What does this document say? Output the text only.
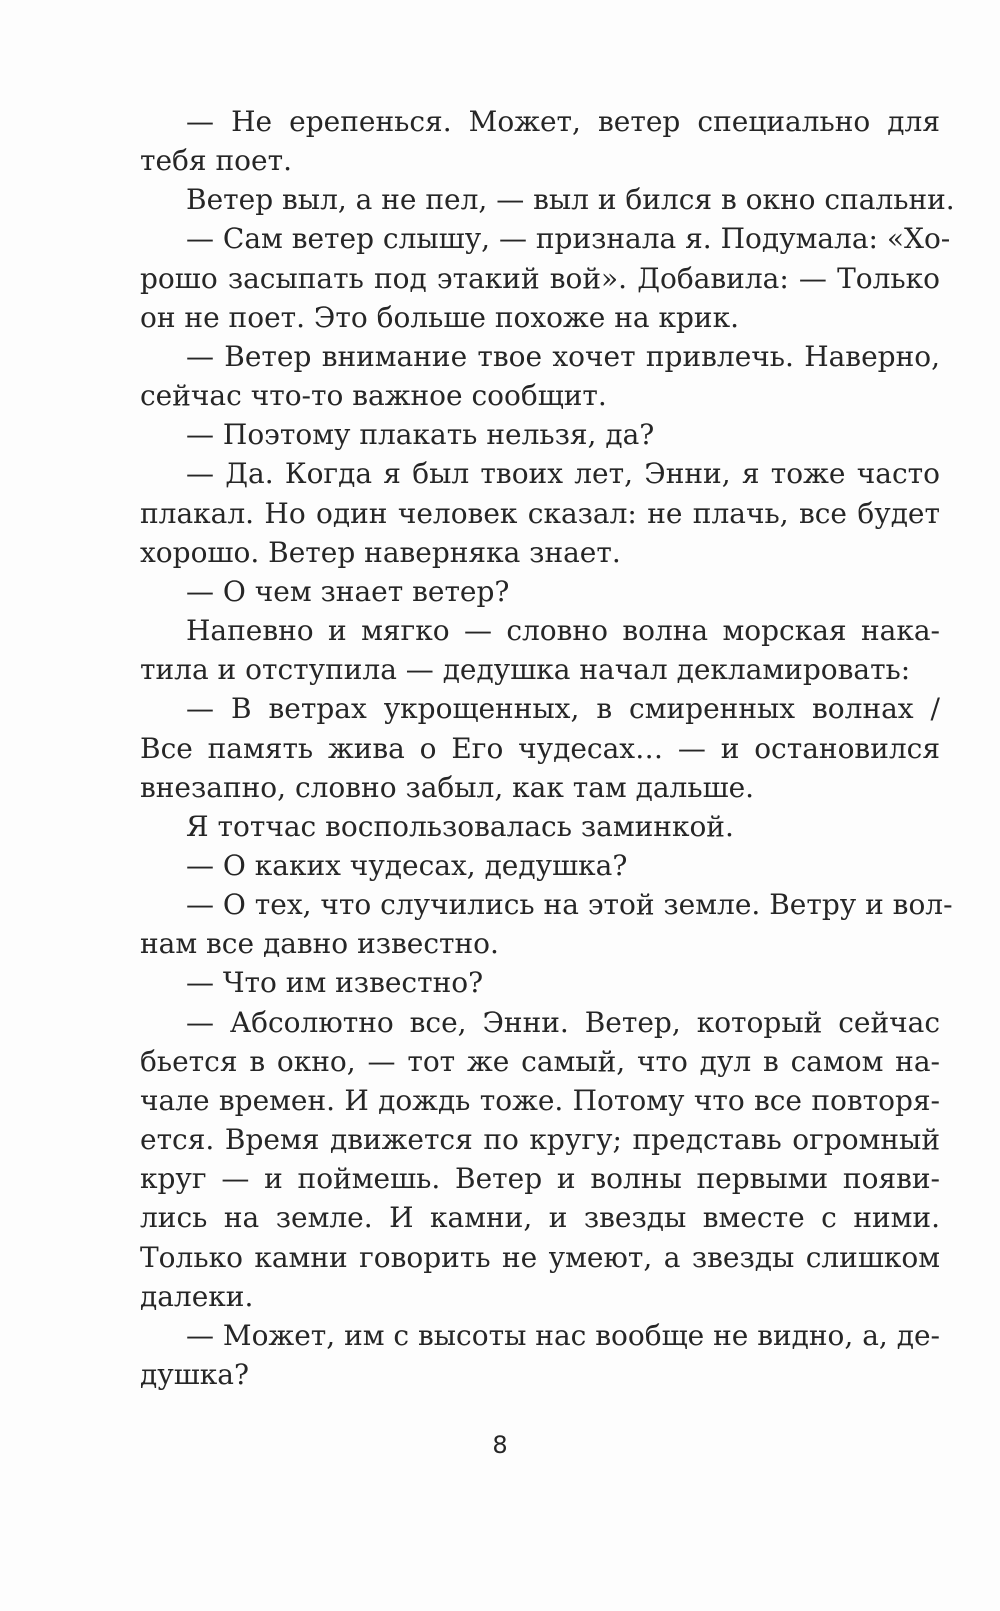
— Не ерепенься. Может, ветер специально для
тебя поет.

Ветер выл, а не пел, — выл и бился в окно спальни.

— Сам ветер слышу, — признала я. Подумала: «Хо-
рошо засыпать под этакий вой». Добавила: — Только
он не поет. Это больше похоже на крик.

— Ветер внимание твое хочет привлечь. Наверно,
сейчас что-то важное сообщит.

— Поэтому плакать нельзя, да?

— Да. Когда я был твоих лет, Энни, я тоже часто
плакал. Но один человек сказал: не плачь, все будет
хорошо. Ветер наверняка знает.

— О чем знает ветер?

Напевно и мягко — словно волна морская нака-
тила и отступила — дедушка начал декламировать:

— В ветрах укрощенных, в смиренных волнах /
Все память жива о Его чудесах… — и остановился
внезапно, словно забыл, как там дальше.

Я тотчас воспользовалась заминкой.

— О каких чудесах, дедушка?

— О тех, что случились на этой земле. Ветру и вол-
нам все давно известно.

— Что им известно?

— Абсолютно все, Энни. Ветер, который сейчас
бьется в окно, — тот же самый, что дул в самом на-
чале времен. И дождь тоже. Потому что все повторя-
ется. Время движется по кругу; представь огромный
круг — и поймешь. Ветер и волны первыми появи-
лись на земле. И камни, и звезды вместе с ними.
Только камни говорить не умеют, а звезды слишком
далеки.

— Может, им с высоты нас вообще не видно, а, де-
душка?

8
